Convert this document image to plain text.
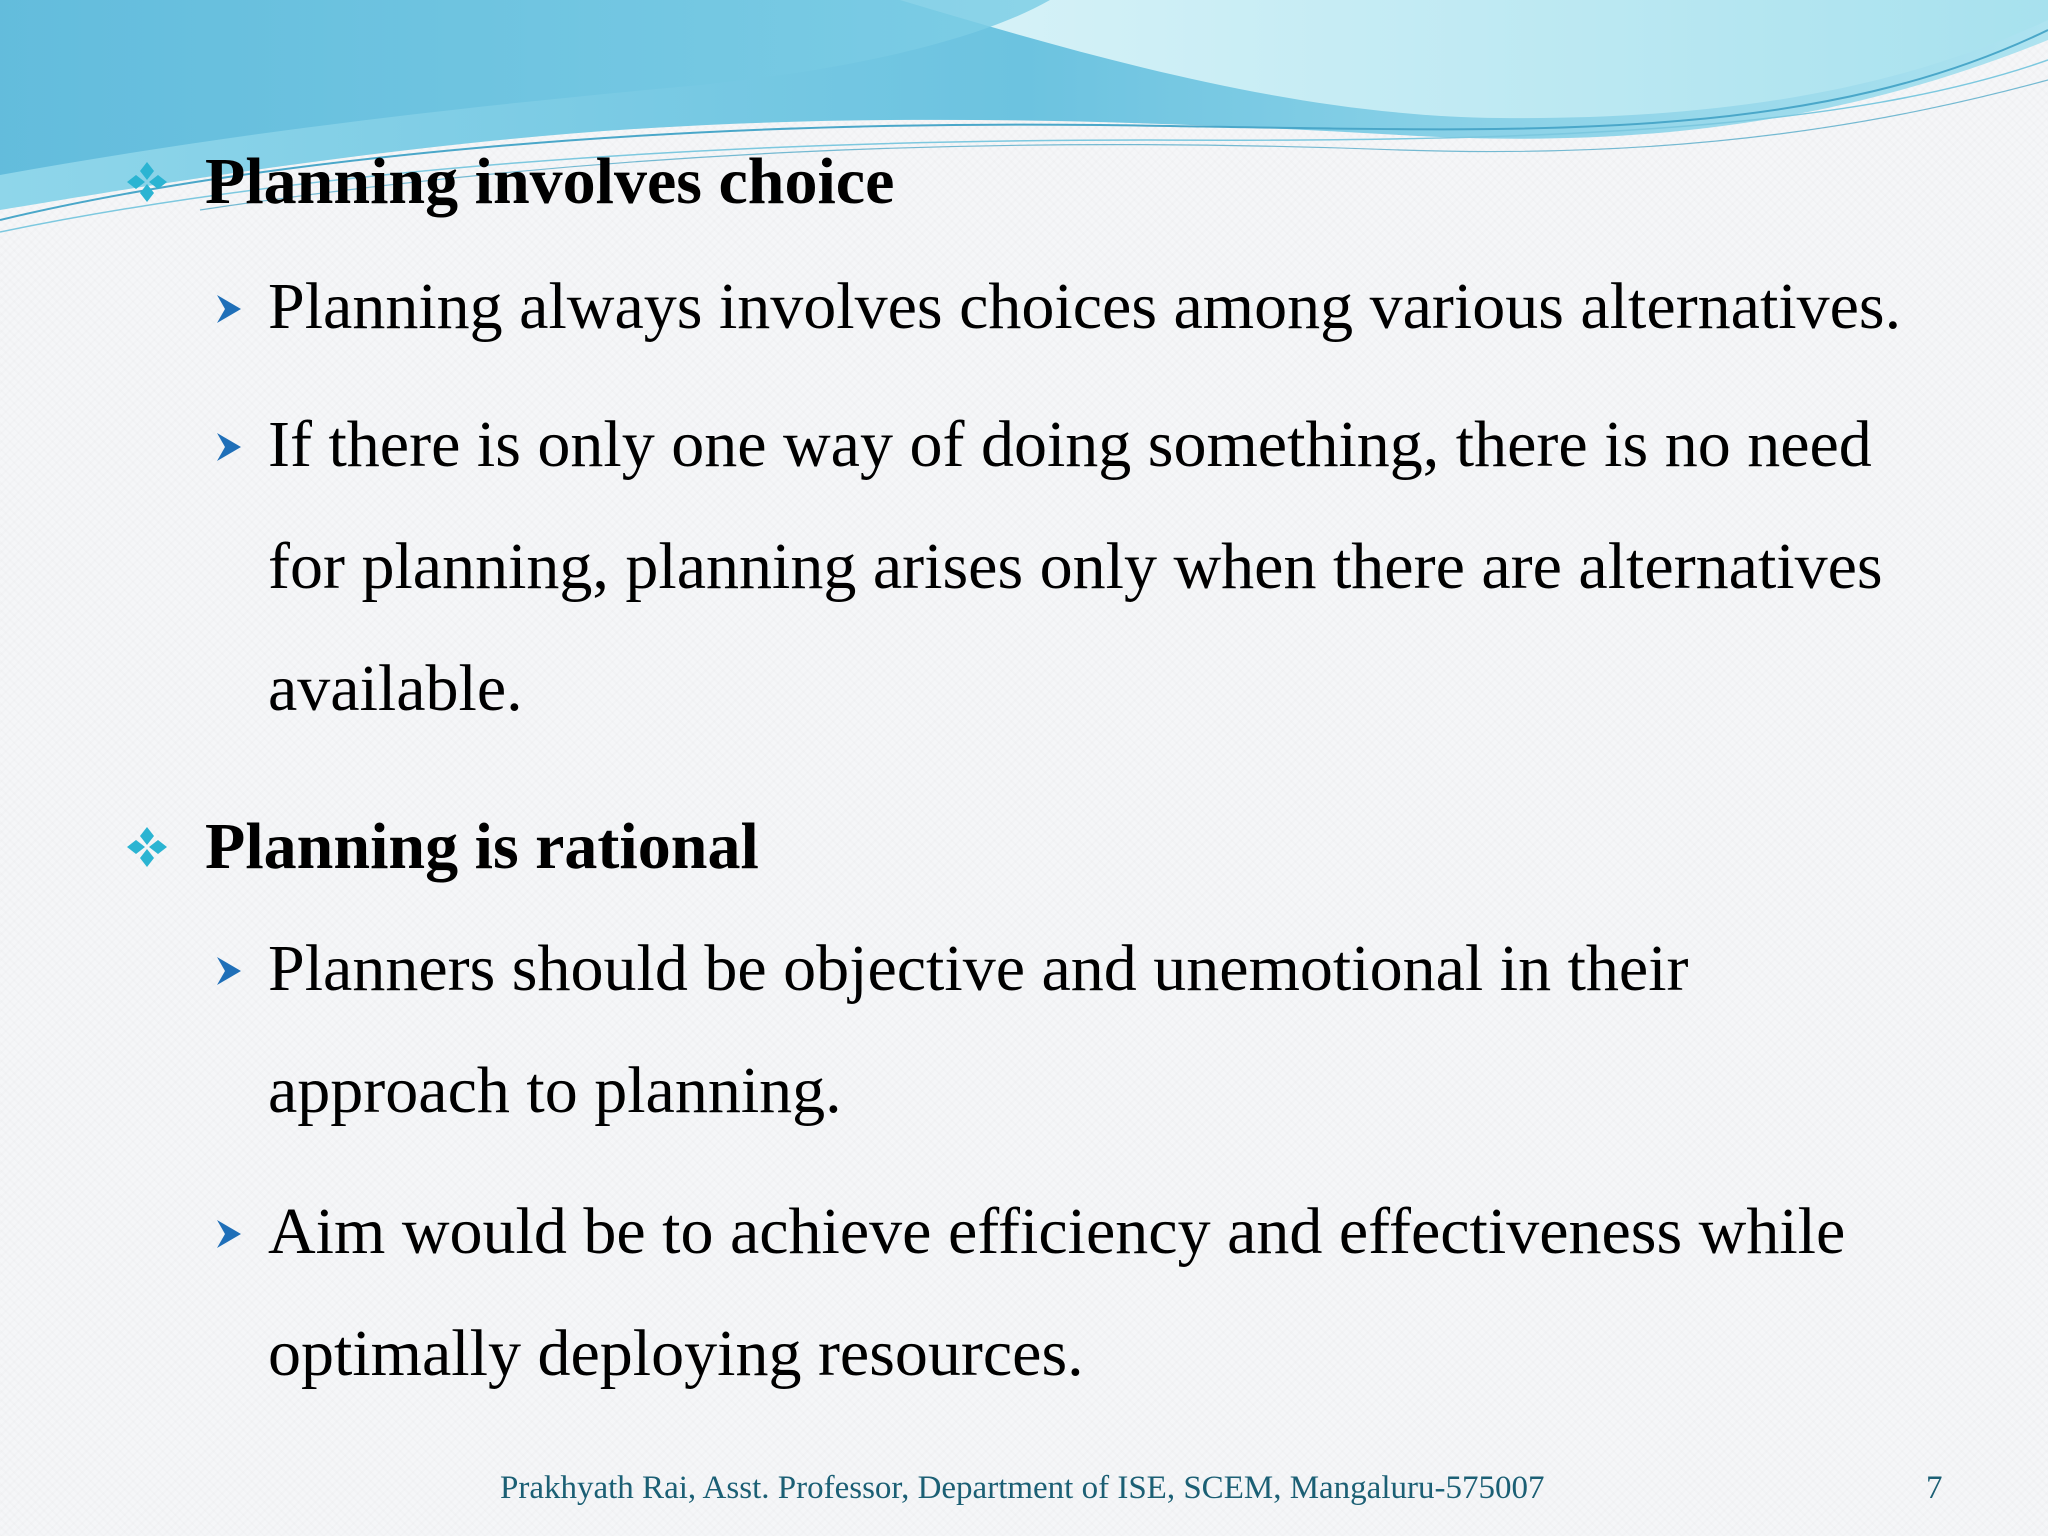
Planning involves choice
Planning always involves choices among various alternatives.
If there is only one way of doing something, there is no need
for planning, planning arises only when there are alternatives
available.
Planning is rational
Planners should be objective and unemotional in their
approach to planning.
Aim would be to achieve efficiency and effectiveness while
optimally deploying resources.
Prakhyath Rai, Asst. Professor, Department of ISE, SCEM, Mangaluru-575007	7
